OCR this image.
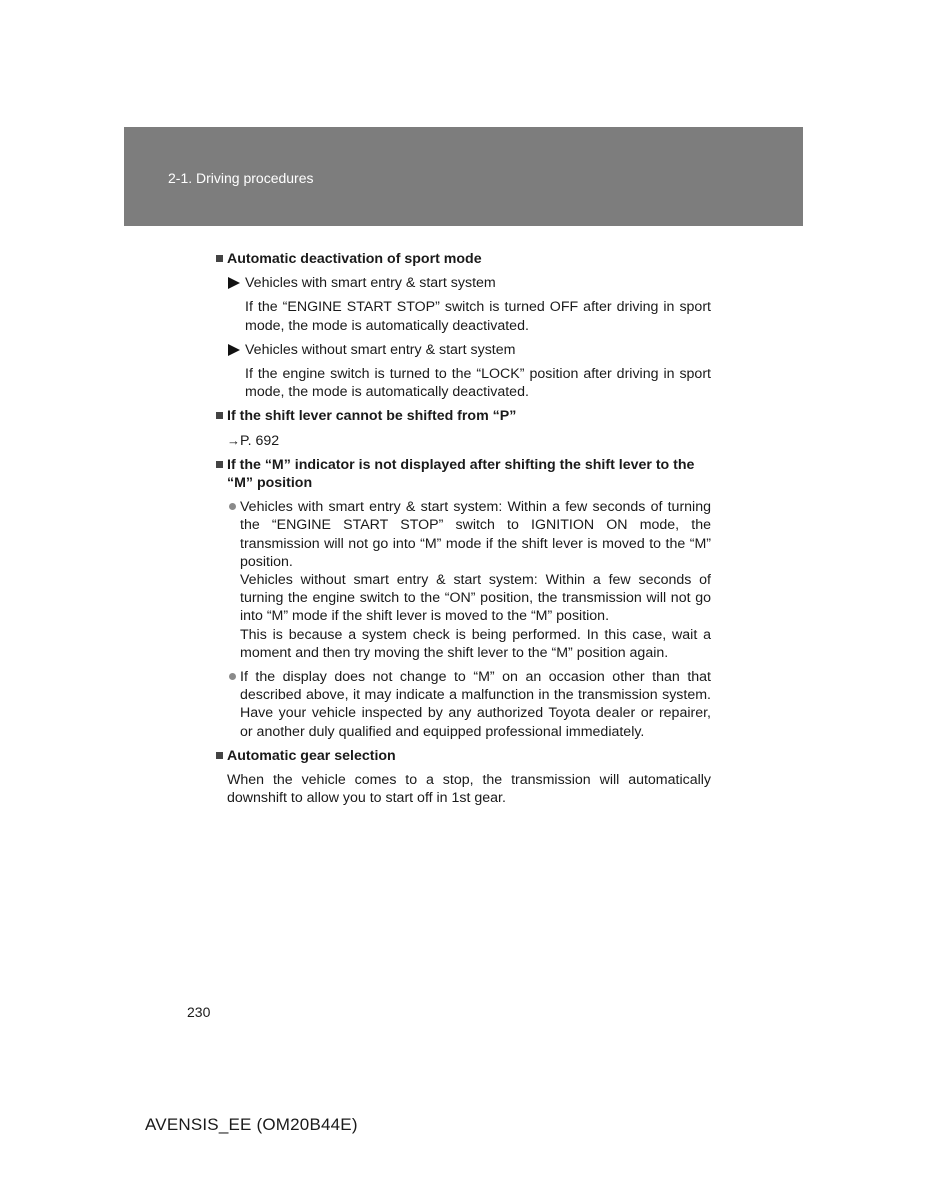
2-1. Driving procedures
Automatic deactivation of sport mode
Vehicles with smart entry & start system
If the “ENGINE START STOP” switch is turned OFF after driving in sport mode, the mode is automatically deactivated.
Vehicles without smart entry & start system
If the engine switch is turned to the “LOCK” position after driving in sport mode, the mode is automatically deactivated.
If the shift lever cannot be shifted from “P”
→P. 692
If the “M” indicator is not displayed after shifting the shift lever to the “M” position
Vehicles with smart entry & start system: Within a few seconds of turning the “ENGINE START STOP” switch to IGNITION ON mode, the transmission will not go into “M” mode if the shift lever is moved to the “M” position.
Vehicles without smart entry & start system: Within a few seconds of turning the engine switch to the “ON” position, the transmission will not go into “M” mode if the shift lever is moved to the “M” position.
This is because a system check is being performed. In this case, wait a moment and then try moving the shift lever to the “M” position again.
If the display does not change to “M” on an occasion other than that described above, it may indicate a malfunction in the transmission system. Have your vehicle inspected by any authorized Toyota dealer or repairer, or another duly qualified and equipped professional immediately.
Automatic gear selection
When the vehicle comes to a stop, the transmission will automatically downshift to allow you to start off in 1st gear.
230
AVENSIS_EE (OM20B44E)
